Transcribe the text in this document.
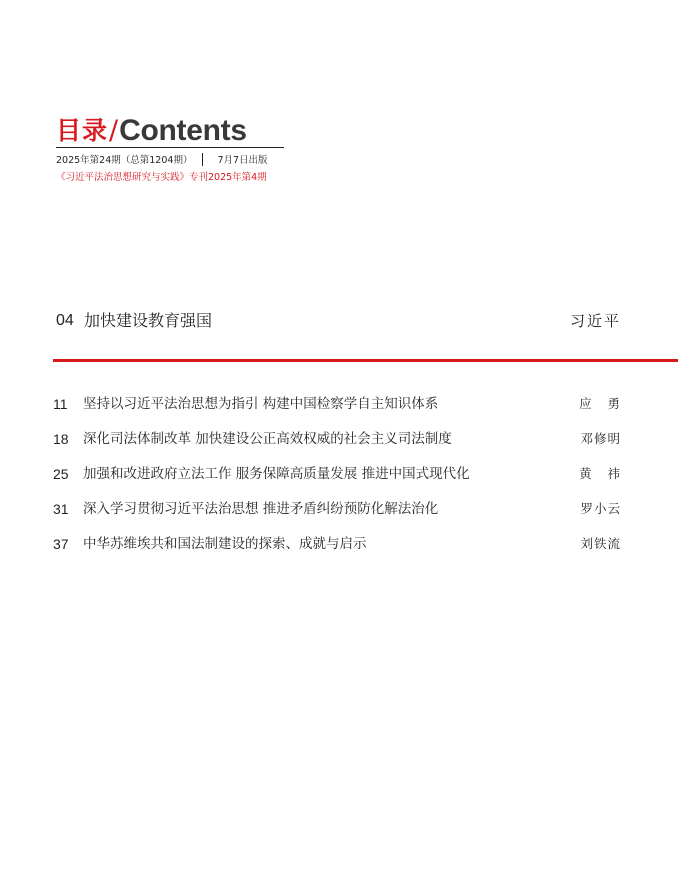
目录 / Contents
2025年第24期（总第1204期）	7月7日出版
《习近平法治思想研究与实践》专刊2025年第4期
04 加快建设教育强国	习近平
11 坚持以习近平法治思想为指引 构建中国检察学自主知识体系	应   勇
18 深化司法体制改革 加快建设公正高效权威的社会主义司法制度	邓修明
25 加强和改进政府立法工作 服务保障高质量发展 推进中国式现代化	黄   祎
31 深入学习贯彻习近平法治思想 推进矛盾纠纷预防化解法治化	罗小云
37 中华苏维埃共和国法制建设的探索、成就与启示	刘铁流
